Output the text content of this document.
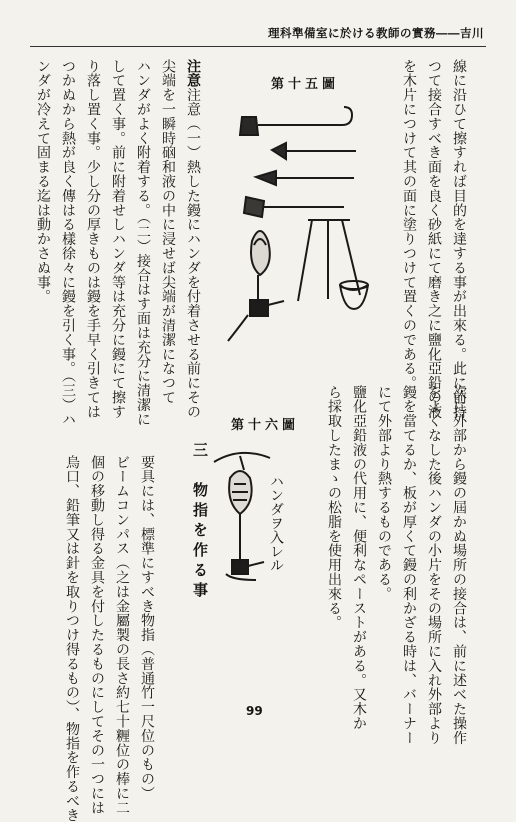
理科準備室に於ける教師の實務――吉川
線に沿ひて擦すれば目的を達する事が出來る。此に前持
つて接合すべき面を良く砂紙にて磨き之に鹽化亞鉛の液
を木片につけて其の面に塗りつけて置くのである。
第十五圖
注意注意（一）熱した鏝にハンダを付着させる前にその
尖端を一瞬時硇和液の中に浸せば尖端が清潔になつて
ハンダがよく附着する。（二）接合はす面は充分に清潔に
して置く事。前に附着せしハンダ等は充分に鏝にて擦す
り落し置く事。少し分の厚きものは鏝を手早く引きては
つかぬから熱が良く傳はる樣徐々に鏝を引く事。（三）ハ
ンダが冷えて固まる迄は動かさぬ事。
次に外部から鏝の屆かぬ場所の接合は、前に述べた操作
をよくなした後ハンダの小片をその場所に入れ外部より
鏝を當てるか、板が厚くて鏝の利かざる時は、バーナー
にて外部より熱するものである。
鹽化亞鉛液の代用に、便利なペーストがある。又木か
ら採取したまゝの松脂を使用出來る。
第十六圖
ハンダヲ入レル
三　物指を作る事
要具には、標準にすべき物指（普通竹一尺位のもの）
ビームコンパス（之は金屬製の長さ約七十糎位の棒に二
個の移動し得る金具を付したるものにしてその一つには
烏口、鉛筆又は針を取りつけ得るもの）、物指を作るべき	99
